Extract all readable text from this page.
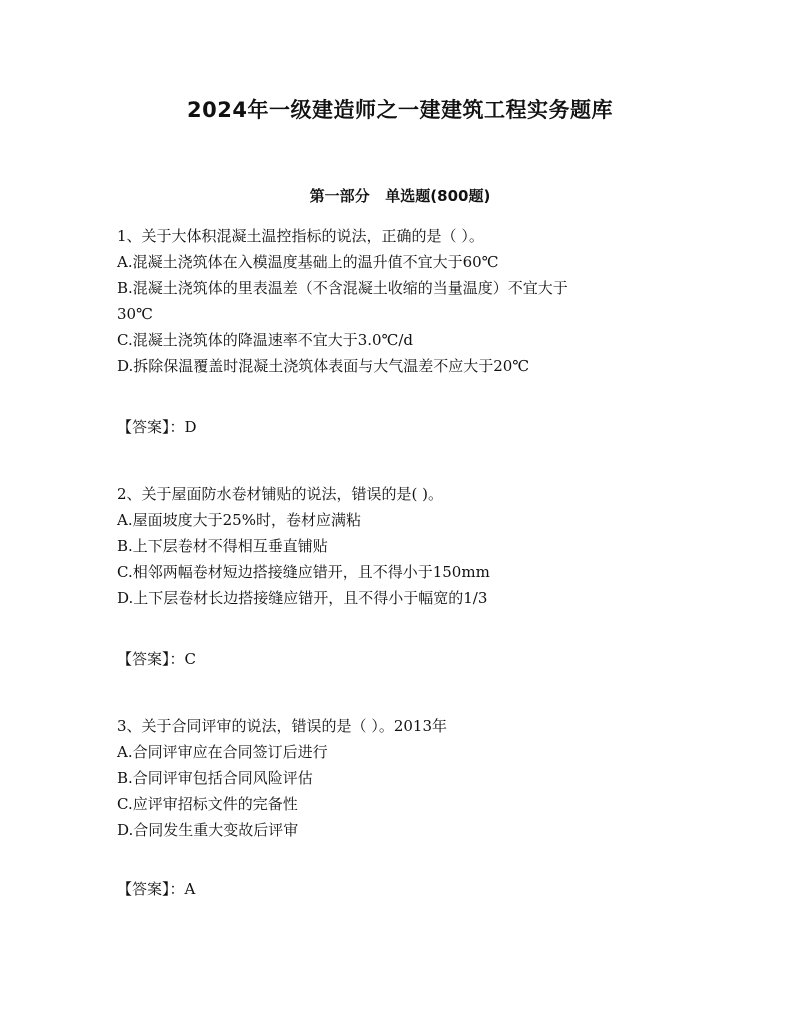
2024年一级建造师之一建建筑工程实务题库
第一部分   单选题(800题)
1、关于大体积混凝土温控指标的说法，正确的是（ ）。
A.混凝土浇筑体在入模温度基础上的温升值不宜大于60℃
B.混凝土浇筑体的里表温差（不含混凝土收缩的当量温度）不宜大于
30℃
C.混凝土浇筑体的降温速率不宜大于3.0℃/d
D.拆除保温覆盖时混凝土浇筑体表面与大气温差不应大于20℃
【答案】：D
2、关于屋面防水卷材铺贴的说法，错误的是( )。
A.屋面坡度大于25%时，卷材应满粘
B.上下层卷材不得相互垂直铺贴
C.相邻两幅卷材短边搭接缝应错开，且不得小于150mm
D.上下层卷材长边搭接缝应错开，且不得小于幅宽的1/3
【答案】：C
3、关于合同评审的说法，错误的是（ ）。2013年
A.合同评审应在合同签订后进行
B.合同评审包括合同风险评估
C.应评审招标文件的完备性
D.合同发生重大变故后评审
【答案】：A
